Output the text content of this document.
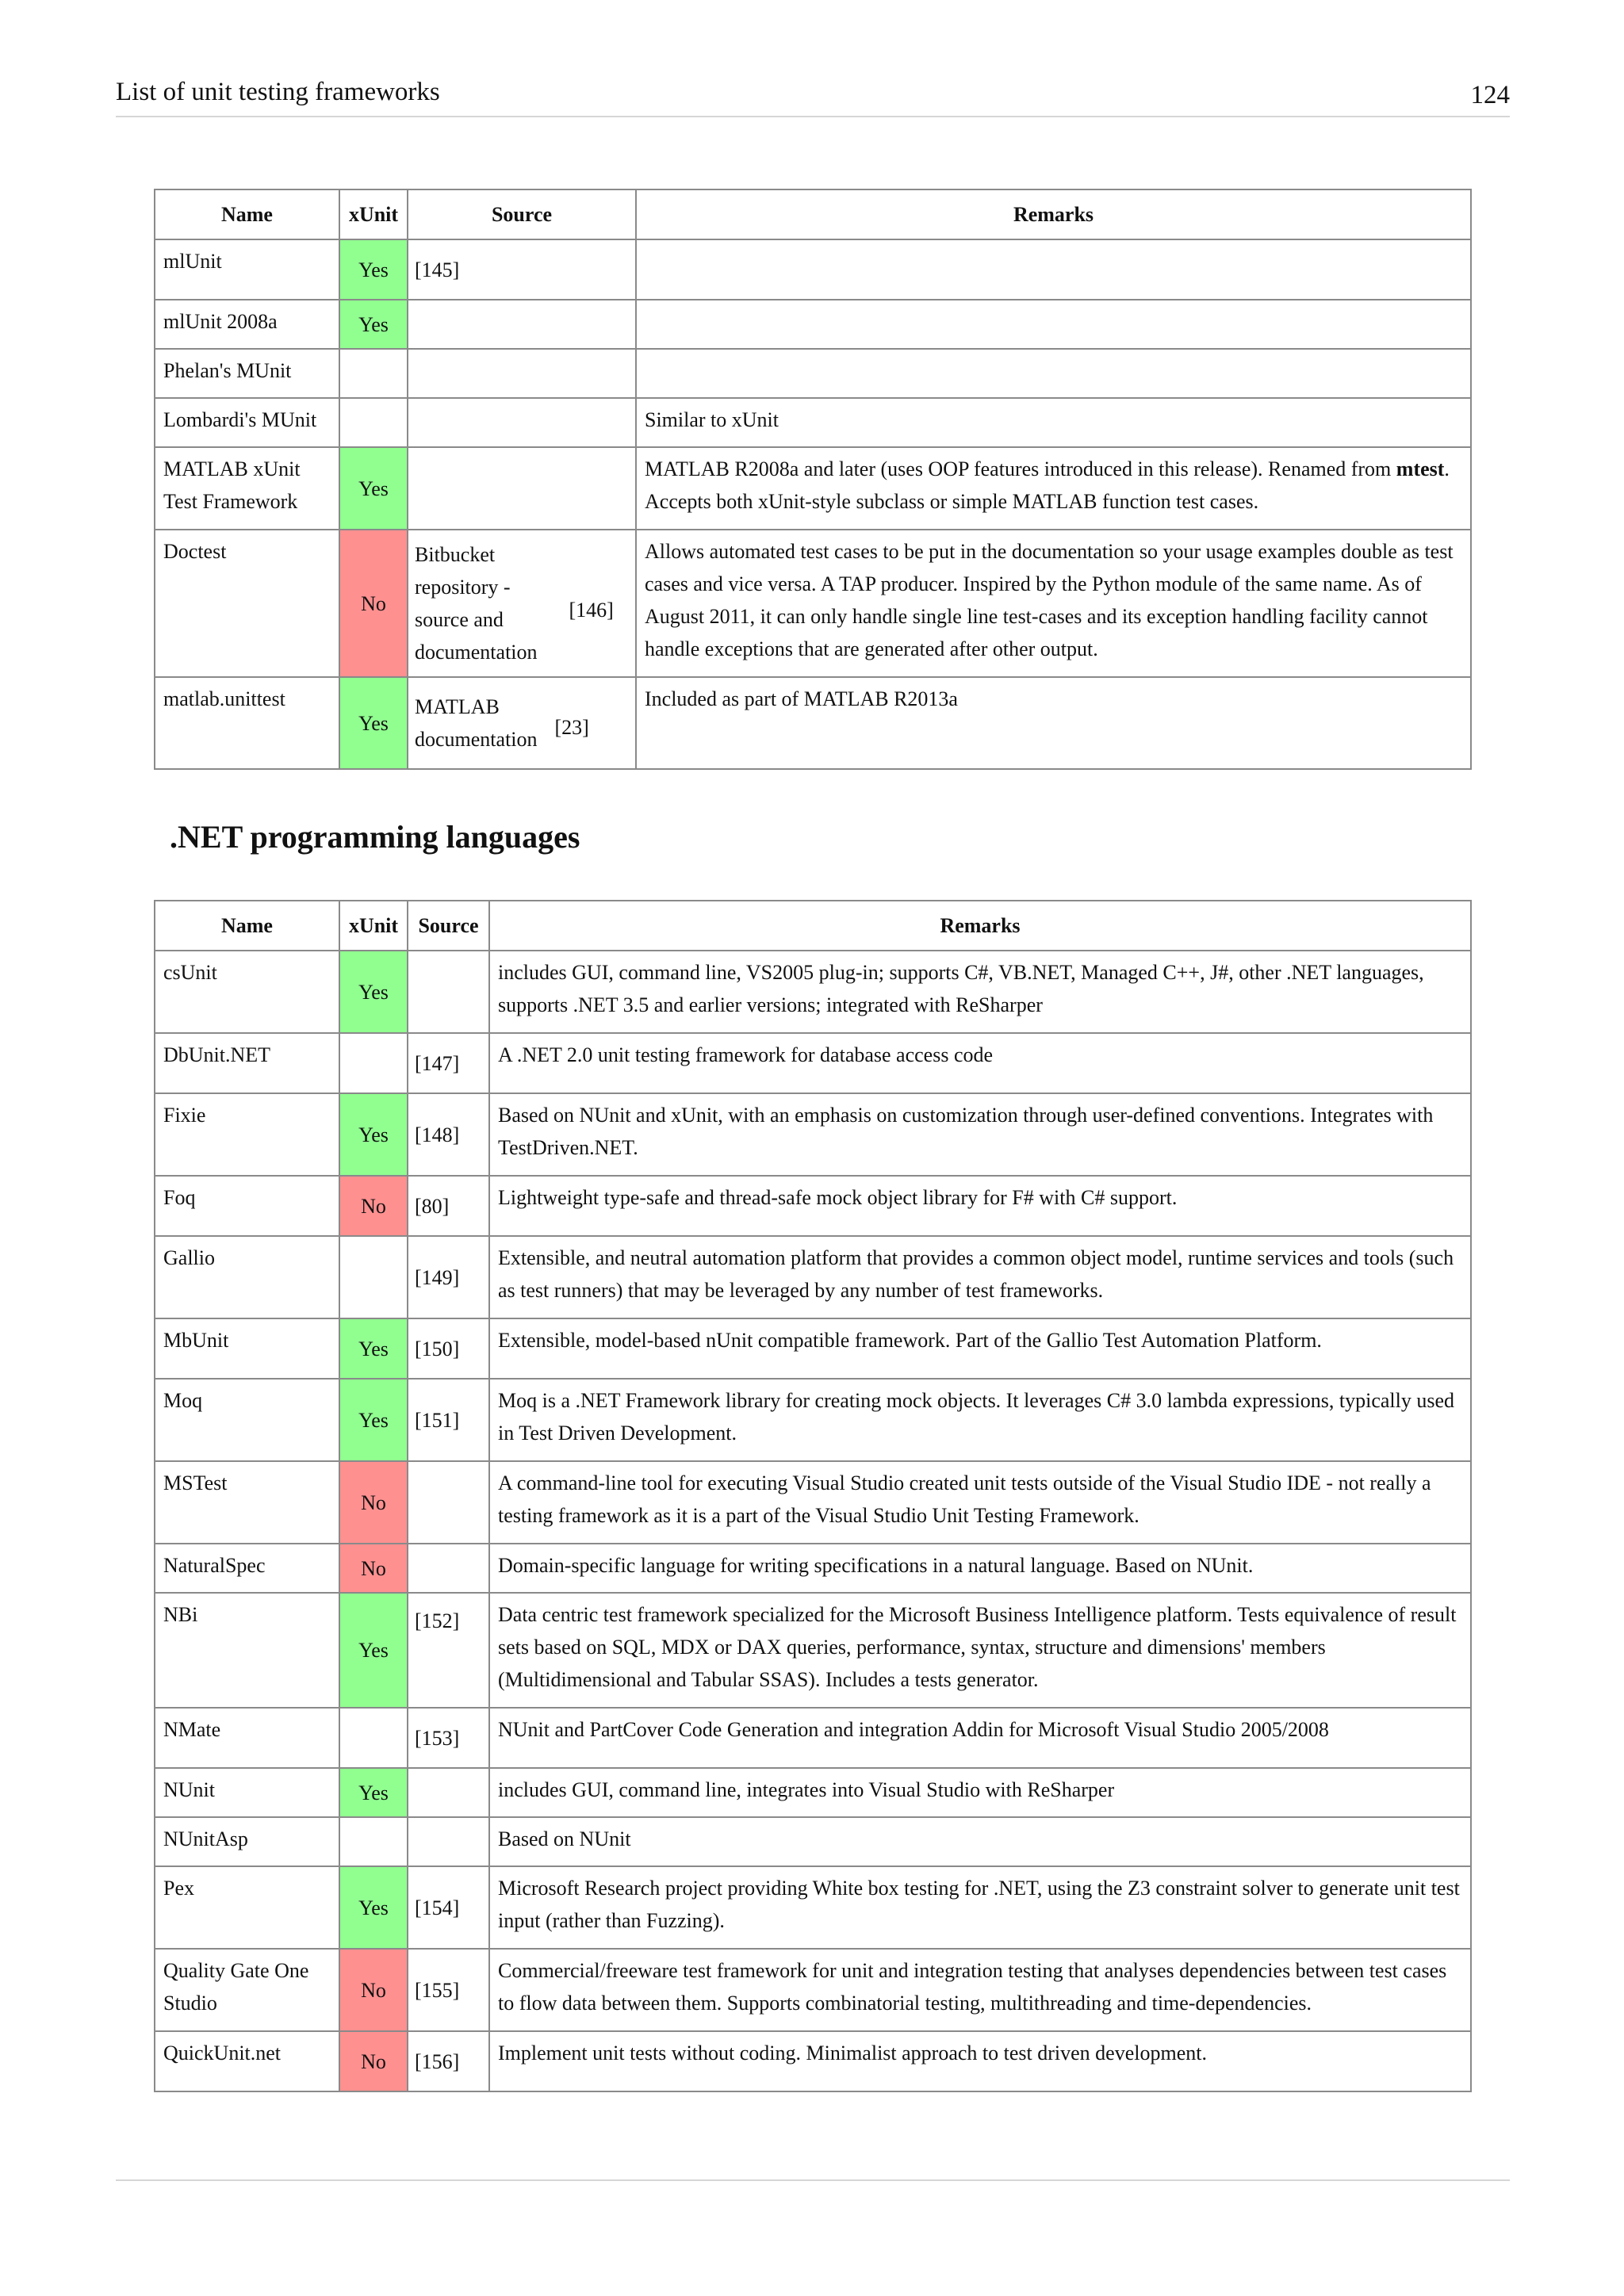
List of unit testing frameworks	124
Name	xUnit	Source	Remarks
mlUnit	Yes	[145]	
mlUnit 2008a	Yes		
Phelan's MUnit			
Lombardi's MUnit			Similar to xUnit
MATLAB xUnit Test Framework	Yes		MATLAB R2008a and later (uses OOP features introduced in this release). Renamed from mtest. Accepts both xUnit-style subclass or simple MATLAB function test cases.
Doctest	No	Bitbucket repository - source and documentation [146]	Allows automated test cases to be put in the documentation so your usage examples double as test cases and vice versa. A TAP producer. Inspired by the Python module of the same name. As of August 2011, it can only handle single line test-cases and its exception handling facility cannot handle exceptions that are generated after other output.
matlab.unittest	Yes	MATLAB documentation [23]	Included as part of MATLAB R2013a
.NET programming languages
Name	xUnit	Source	Remarks
csUnit	Yes		includes GUI, command line, VS2005 plug-in; supports C#, VB.NET, Managed C++, J#, other .NET languages, supports .NET 3.5 and earlier versions; integrated with ReSharper
DbUnit.NET		[147]	A .NET 2.0 unit testing framework for database access code
Fixie	Yes	[148]	Based on NUnit and xUnit, with an emphasis on customization through user-defined conventions. Integrates with TestDriven.NET.
Foq	No	[80]	Lightweight type-safe and thread-safe mock object library for F# with C# support.
Gallio		[149]	Extensible, and neutral automation platform that provides a common object model, runtime services and tools (such as test runners) that may be leveraged by any number of test frameworks.
MbUnit	Yes	[150]	Extensible, model-based nUnit compatible framework. Part of the Gallio Test Automation Platform.
Moq	Yes	[151]	Moq is a .NET Framework library for creating mock objects. It leverages C# 3.0 lambda expressions, typically used in Test Driven Development.
MSTest	No		A command-line tool for executing Visual Studio created unit tests outside of the Visual Studio IDE - not really a testing framework as it is a part of the Visual Studio Unit Testing Framework.
NaturalSpec	No		Domain-specific language for writing specifications in a natural language. Based on NUnit.
NBi	Yes	[152]	Data centric test framework specialized for the Microsoft Business Intelligence platform. Tests equivalence of result sets based on SQL, MDX or DAX queries, performance, syntax, structure and dimensions' members (Multidimensional and Tabular SSAS). Includes a tests generator.
NMate		[153]	NUnit and PartCover Code Generation and integration Addin for Microsoft Visual Studio 2005/2008
NUnit	Yes		includes GUI, command line, integrates into Visual Studio with ReSharper
NUnitAsp			Based on NUnit
Pex	Yes	[154]	Microsoft Research project providing White box testing for .NET, using the Z3 constraint solver to generate unit test input (rather than Fuzzing).
Quality Gate One Studio	No	[155]	Commercial/freeware test framework for unit and integration testing that analyses dependencies between test cases to flow data between them. Supports combinatorial testing, multithreading and time-dependencies.
QuickUnit.net	No	[156]	Implement unit tests without coding. Minimalist approach to test driven development.
